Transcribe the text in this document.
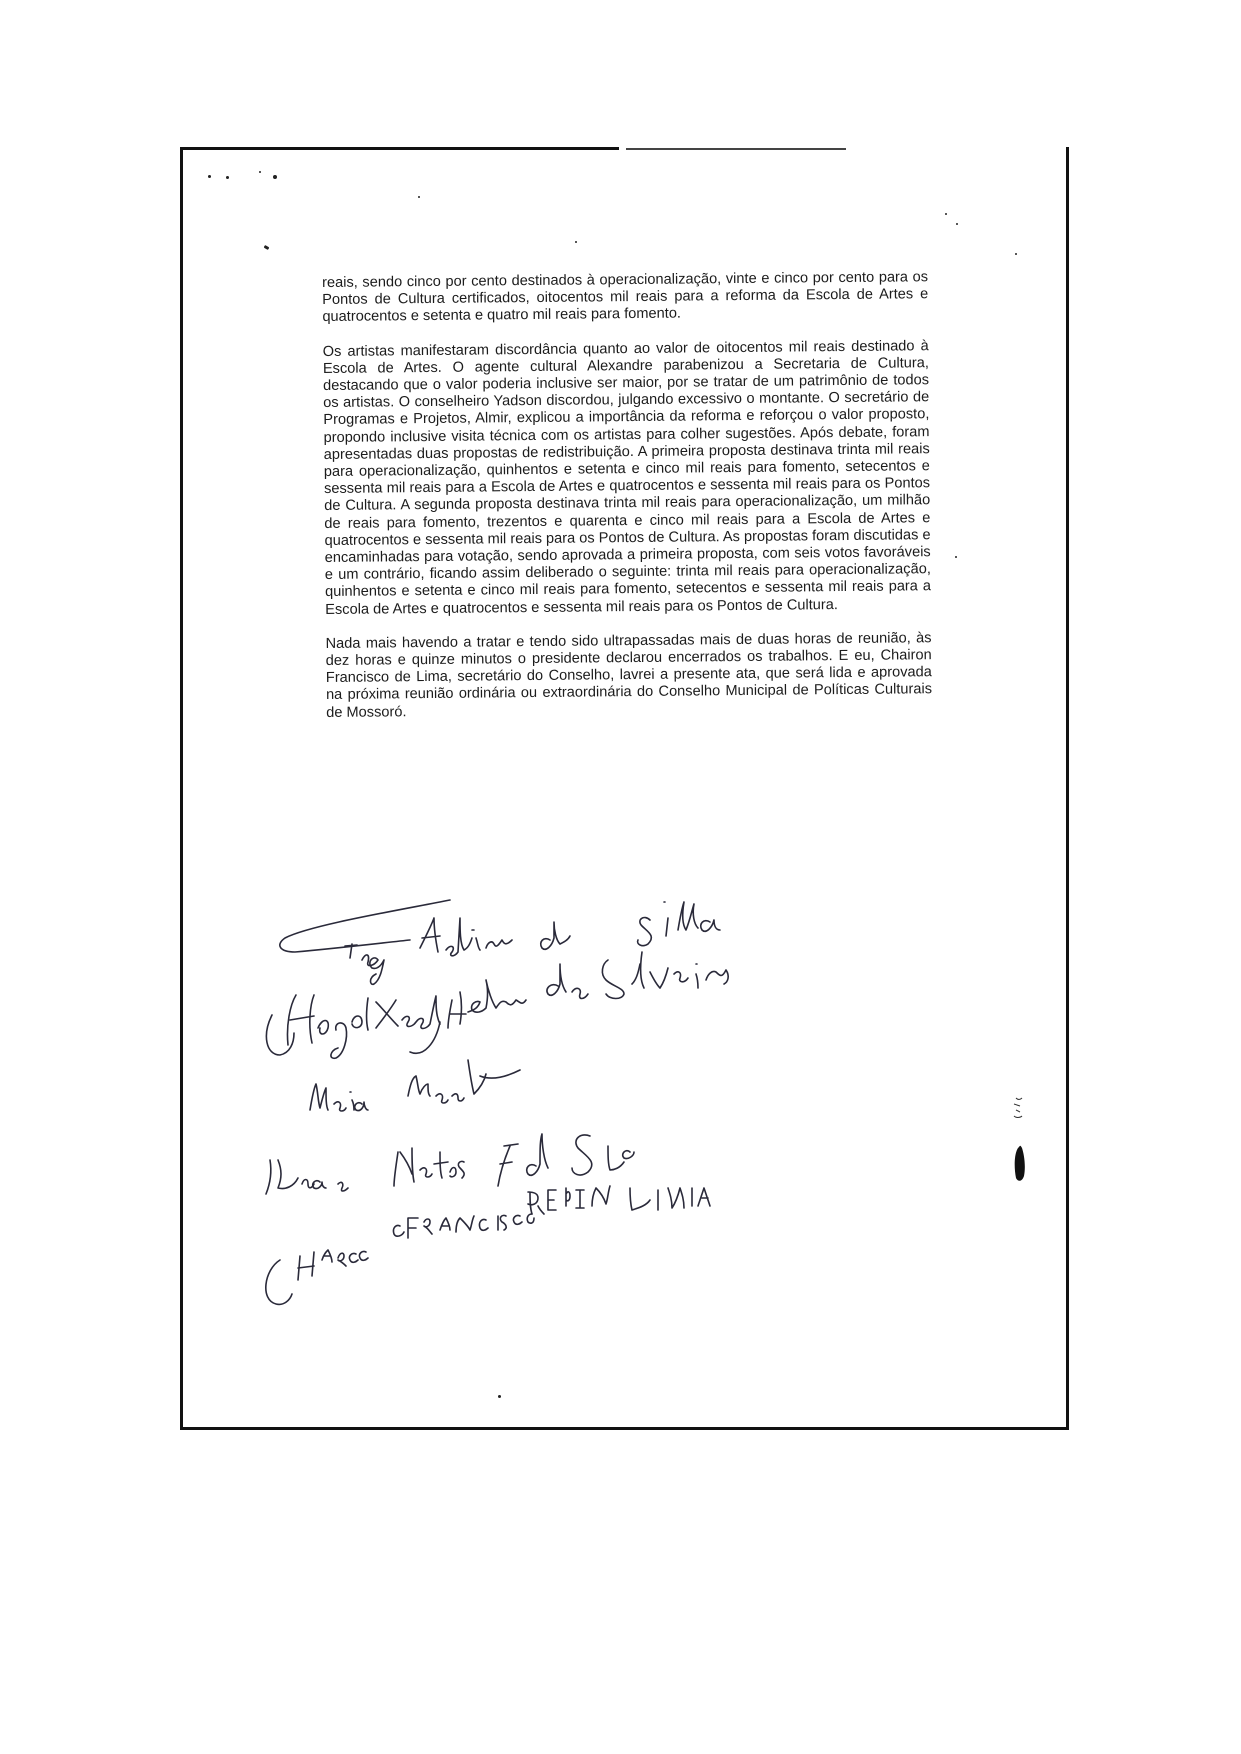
reais, sendo cinco por cento destinados à operacionalização, vinte e cinco por cento para os Pontos de Cultura certificados, oitocentos mil reais para a reforma da Escola de Artes e quatrocentos e setenta e quatro mil reais para fomento.

Os artistas manifestaram discordância quanto ao valor de oitocentos mil reais destinado à Escola de Artes. O agente cultural Alexandre parabenizou a Secretaria de Cultura, destacando que o valor poderia inclusive ser maior, por se tratar de um patrimônio de todos os artistas. O conselheiro Yadson discordou, julgando excessivo o montante. O secretário de Programas e Projetos, Almir, explicou a importância da reforma e reforçou o valor proposto, propondo inclusive visita técnica com os artistas para colher sugestões. Após debate, foram apresentadas duas propostas de redistribuição. A primeira proposta destinava trinta mil reais para operacionalização, quinhentos e setenta e cinco mil reais para fomento, setecentos e sessenta mil reais para a Escola de Artes e quatrocentos e sessenta mil reais para os Pontos de Cultura. A segunda proposta destinava trinta mil reais para operacionalização, um milhão de reais para fomento, trezentos e quarenta e cinco mil reais para a Escola de Artes e quatrocentos e sessenta mil reais para os Pontos de Cultura. As propostas foram discutidas e encaminhadas para votação, sendo aprovada a primeira proposta, com seis votos favoráveis e um contrário, ficando assim deliberado o seguinte: trinta mil reais para operacionalização, quinhentos e setenta e cinco mil reais para fomento, setecentos e sessenta mil reais para a Escola de Artes e quatrocentos e sessenta mil reais para os Pontos de Cultura.

Nada mais havendo a tratar e tendo sido ultrapassadas mais de duas horas de reunião, às dez horas e quinze minutos o presidente declarou encerrados os trabalhos. E eu, Chairon Francisco de Lima, secretário do Conselho, lavrei a presente ata, que será lida e aprovada na próxima reunião ordinária ou extraordinária do Conselho Municipal de Políticas Culturais de Mossoró.
